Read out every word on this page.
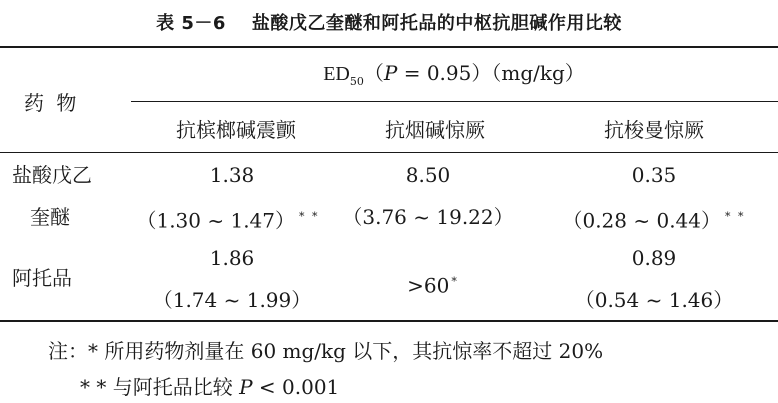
表 5－6 盐酸戊乙奎醚和阿托品的中枢抗胆碱作用比较
药 物
$ED_{50}(P = 0.95)(mg/kg)$
抗槟榔碱震颤	抗烟碱惊厥	抗梭曼惊厥
盐酸戊乙
奎醚
1.38
（1.30 ~ 1.47） * *
8.50
（3.76 ~ 19.22）
0.35
（0.28 ~ 0.44） * *
阿托品
1.86
（1.74 ~ 1.99）
>60 *
0.89
（0.54 ~ 1.46）
注：* 所用药物剂量在 60 mg/kg 以下，其抗惊率不超过 20%
* * 与阿托品比较 P < 0.001
